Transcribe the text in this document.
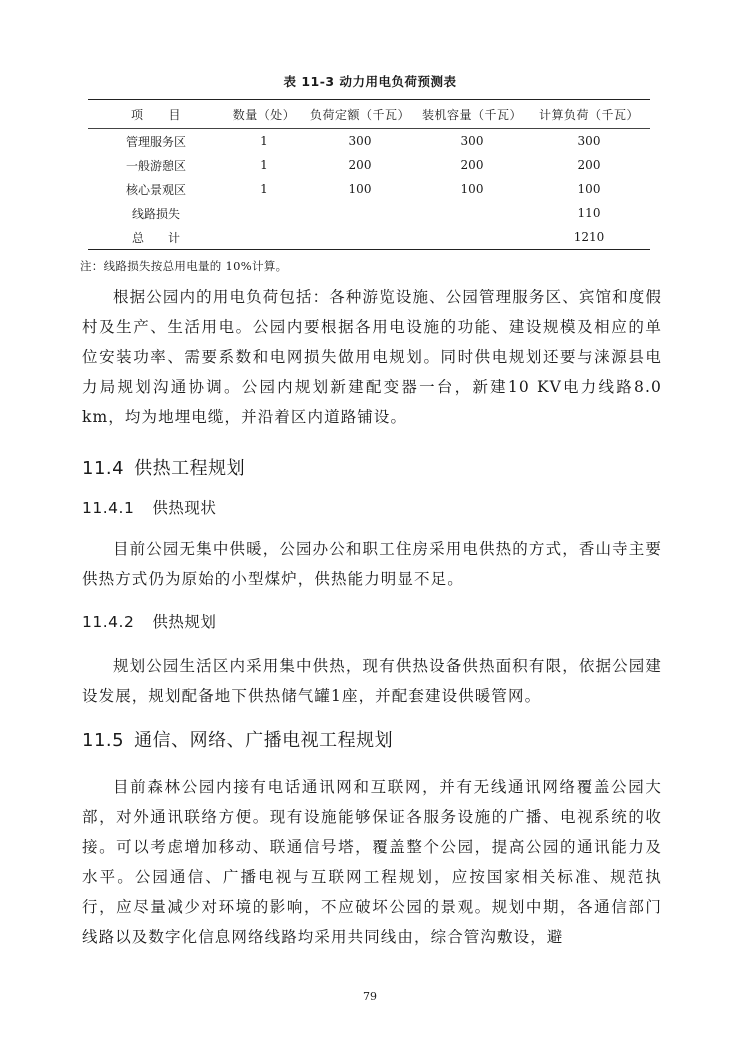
表 11-3 动力用电负荷预测表
项　　目	数量（处）	负荷定额（千瓦）	装机容量（千瓦）	计算负荷（千瓦）
管理服务区	1	300	300	300
一般游憩区	1	200	200	200
核心景观区	1	100	100	100
线路损失				110
总　　计				1210
注：线路损失按总用电量的 10%计算。

根据公园内的用电负荷包括：各种游览设施、公园管理服务区、宾馆和度假村及生产、生活用电。公园内要根据各用电设施的功能、建设规模及相应的单位安装功率、需要系数和电网损失做用电规划。同时供电规划还要与涞源县电力局规划沟通协调。公园内规划新建配变器一台，新建10 KV电力线路8.0 km，均为地埋电缆，并沿着区内道路铺设。

11.4 供热工程规划
11.4.1 供热现状

目前公园无集中供暖，公园办公和职工住房采用电供热的方式，香山寺主要供热方式仍为原始的小型煤炉，供热能力明显不足。

11.4.2 供热规划

规划公园生活区内采用集中供热，现有供热设备供热面积有限，依据公园建设发展，规划配备地下供热储气罐1座，并配套建设供暖管网。

11.5 通信、网络、广播电视工程规划

目前森林公园内接有电话通讯网和互联网，并有无线通讯网络覆盖公园大部，对外通讯联络方便。现有设施能够保证各服务设施的广播、电视系统的收接。可以考虑增加移动、联通信号塔，覆盖整个公园，提高公园的通讯能力及水平。公园通信、广播电视与互联网工程规划，应按国家相关标准、规范执行，应尽量减少对环境的影响，不应破坏公园的景观。规划中期，各通信部门线路以及数字化信息网络线路均采用共同线由，综合管沟敷设，避

79
